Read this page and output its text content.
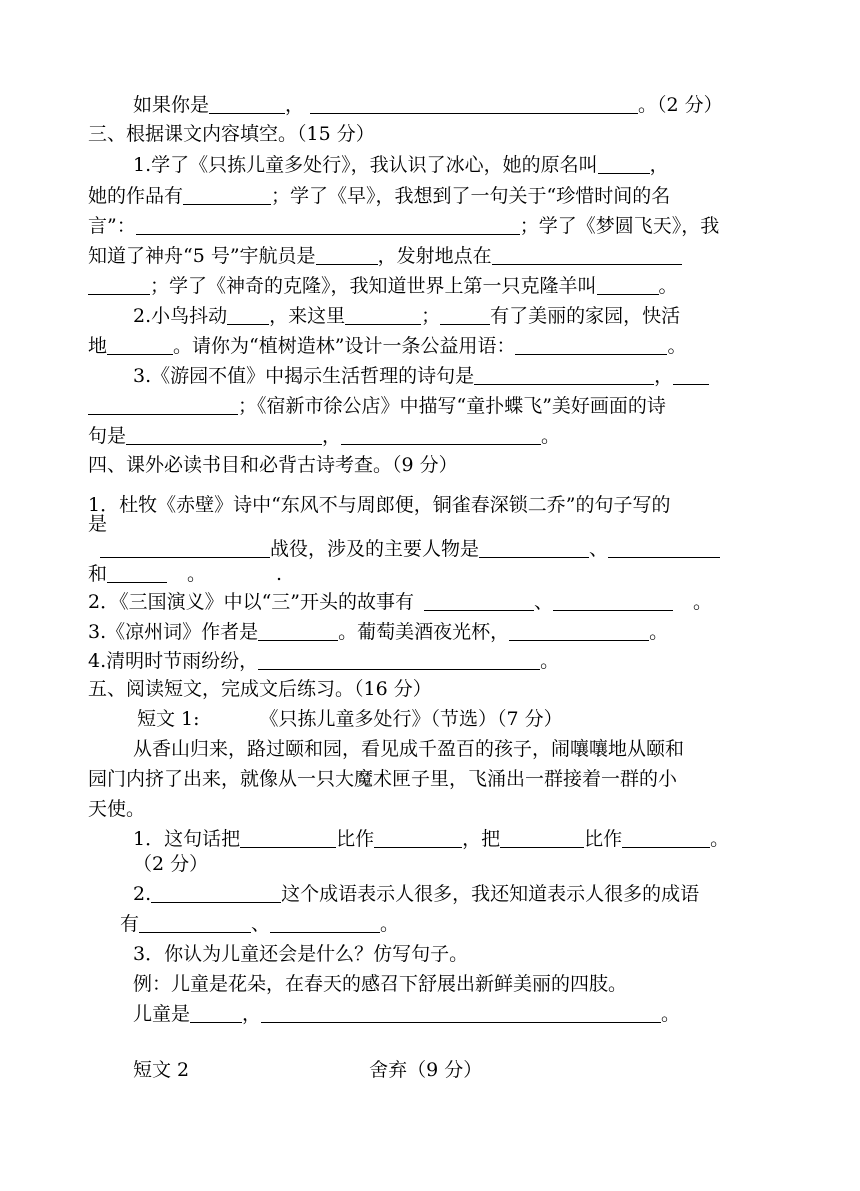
如果你是	，	。（2 分）
三、根据课文内容填空。（15 分）
1.学了《只拣儿童多处行》，我认识了冰心，她的原名叫	，
她的作品有	；学了《早》，我想到了一句关于“珍惜时间的名
言”：	；学了《梦圆飞天》，我
知道了神舟“5 号”宇航员是	，发射地点在
；学了《神奇的克隆》，我知道世界上第一只克隆羊叫	。
2.小鸟抖动 ，来这里	；	有了美丽的家园，快活
地	。请你为“植树造林”设计一条公益用语：	。
3.《游园不值》中揭示生活哲理的诗句是	，
；《宿新市徐公店》中描写“童扑蝶飞”美好画面的诗
句是	，	。
四、课外必读书目和必背古诗考查。（9 分）
1．杜牧《赤壁》诗中“东风不与周郎便，铜雀春深锁二乔”的句子写的
是
战役，涉及的主要人物是	、
和	。	.
2．《三国演义》中以“三”开头的故事有	、	。
3.《凉州词》作者是	。葡萄美酒夜光杯，	。
4.清明时节雨纷纷，	。
五、阅读短文，完成文后练习。（16 分）
短文 1:	《只拣儿童多处行》（节选）（7 分）
从香山归来，路过颐和园，看见成千盈百的孩子，闹嚷嚷地从颐和
园门内挤了出来，就像从一只大魔术匣子里，飞涌出一群接着一群的小
天使。
1．这句话把	比作	，把	比作	。
（2 分）
2.	这个成语表示人很多，我还知道表示人很多的成语
有	、	。
3．你认为儿童还会是什么？仿写句子。
例：儿童是花朵，在春天的感召下舒展出新鲜美丽的四肢。
儿童是	，	。
短文 2	舍弃（9 分）
